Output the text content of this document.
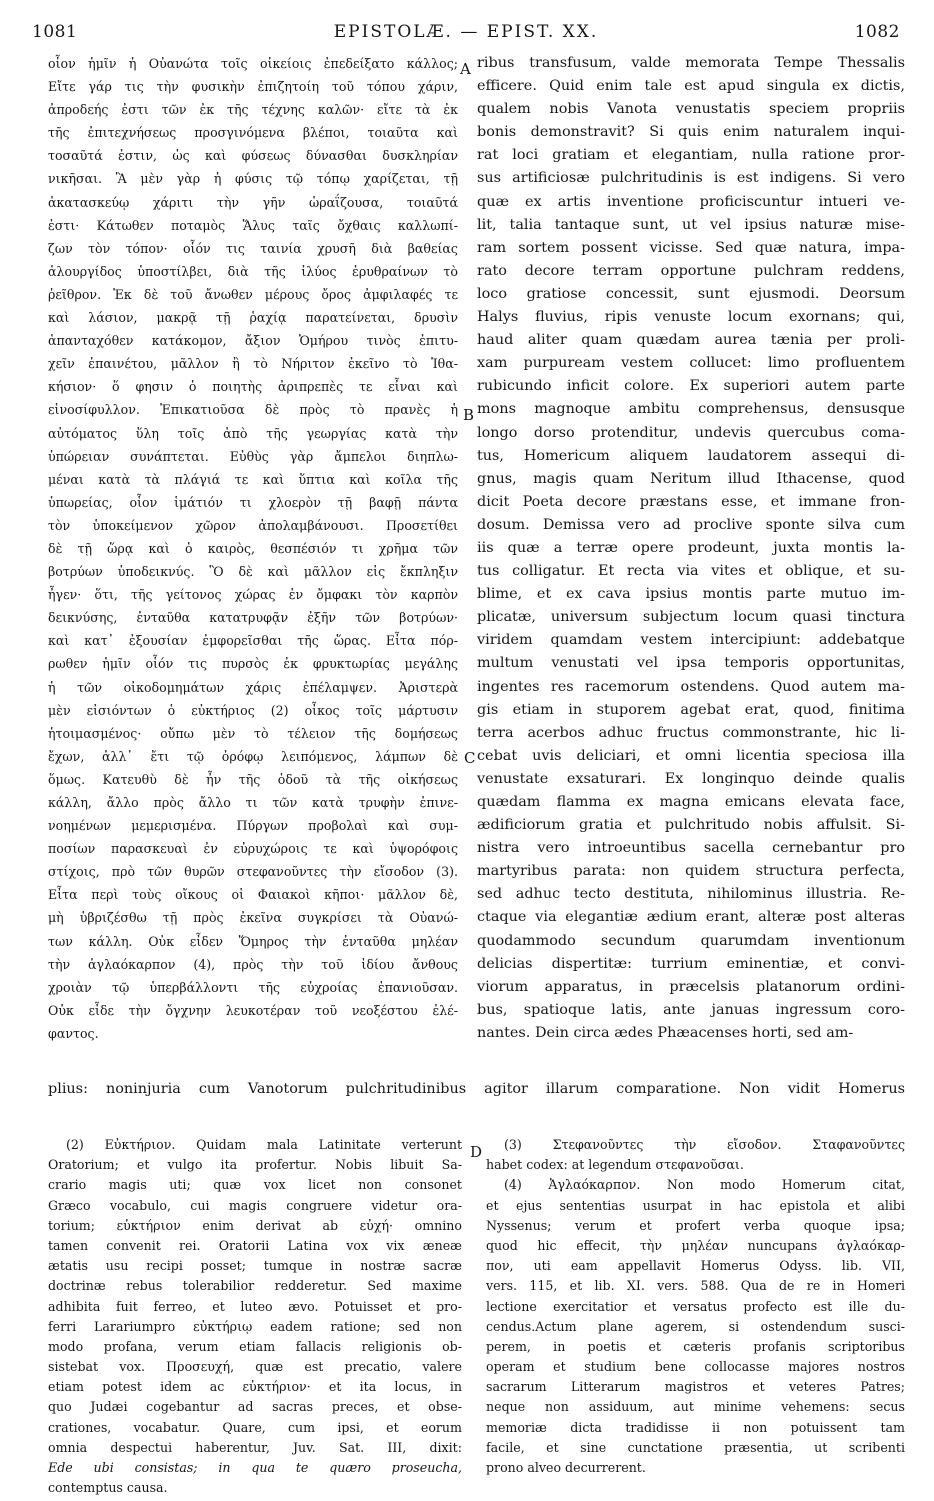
1081	EPISTOLÆ. — EPIST. XX.	1082
οἷον ἡμῖν ἡ Οὐανώτα τοῖς οἰκείοις ἐπεδείξατο κάλλος;
Εἴτε γάρ τις τὴν φυσικὴν ἐπιζητοίη τοῦ τόπου χάριν,
ἀπροδεής ἐστι τῶν ἐκ τῆς τέχνης καλῶν· εἴτε τὰ ἐκ
τῆς ἐπιτεχνήσεως προσγινόμενα βλέποι, τοιαῦτα καὶ
τοσαῦτά ἐστιν, ὡς καὶ φύσεως δύνασθαι δυσκληρίαν
νικῆσαι. Ἃ μὲν γὰρ ἡ φύσις τῷ τόπῳ χαρίζεται, τῇ
ἀκατασκεύῳ χάριτι τὴν γῆν ὡραΐζουσα, τοιαῦτά
ἐστι· Κάτωθεν ποταμὸς Ἅλυς ταῖς ὄχθαις καλλωπί-
ζων τὸν τόπον· οἷόν τις ταινία χρυσῆ διὰ βαθείας
ἁλουργίδος ὑποστίλβει, διὰ τῆς ἰλύος ἐρυθραίνων τὸ
ῥεῖθρον. Ἐκ δὲ τοῦ ἄνωθεν μέρους ὄρος ἀμφιλαφές τε
καὶ λάσιον, μακρᾷ τῇ ῥαχίᾳ παρατείνεται, δρυσὶν
ἁπανταχόθεν κατάκομον, ἄξιον Ὁμήρου τινὸς ἐπιτυ-
χεῖν ἐπαινέτου, μᾶλλον ἢ τὸ Νήριτον ἐκεῖνο τὸ Ἰθα-
κήσιον· ὅ φησιν ὁ ποιητὴς ἀριπρεπὲς τε εἶναι καὶ
εἰνοσίφυλλον. Ἐπικατιοῦσα δὲ πρὸς τὸ πρανὲς ἡ
αὐτόματος ὕλη τοῖς ἀπὸ τῆς γεωργίας κατὰ τὴν
ὑπώρειαν συνάπτεται. Εὐθὺς γὰρ ἄμπελοι διηπλω-
μέναι κατὰ τὰ πλάγιά τε καὶ ὕπτια καὶ κοῖλα τῆς
ὑπωρείας, οἷον ἱμάτιόν τι χλοερὸν τῇ βαφῇ πάντα
τὸν ὑποκείμενον χῶρον ἀπολαμβάνουσι. Προσετίθει
δὲ τῇ ὥρᾳ καὶ ὁ καιρὸς, θεσπέσιόν τι χρῆμα τῶν
βοτρύων ὑποδεικνύς. Ὃ δὲ καὶ μᾶλλον εἰς ἔκπληξιν
ἦγεν· ὅτι, τῆς γείτονος χώρας ἐν ὄμφακι τὸν καρπὸν
δεικνύσης, ἐνταῦθα κατατρυφᾷν ἐξῆν τῶν βοτρύων·
καὶ κατ᾽ ἐξουσίαν ἐμφορεῖσθαι τῆς ὥρας. Εἶτα πόρ-
ρωθεν ἡμῖν οἷόν τις πυρσὸς ἐκ φρυκτωρίας μεγάλης
ἡ τῶν οἰκοδομημάτων χάρις ἐπέλαμψεν. Ἀριστερὰ
μὲν εἰσιόντων ὁ εὐκτήριος (2) οἶκος τοῖς μάρτυσιν
ἡτοιμασμένος· οὔπω μὲν τὸ τέλειον τῆς δομήσεως
ἔχων, ἀλλ᾽ ἔτι τῷ ὀρόφῳ λειπόμενος, λάμπων δὲ
ὅμως. Κατευθὺ δὲ ἦν τῆς ὁδοῦ τὰ τῆς οἰκήσεως
κάλλη, ἄλλο πρὸς ἄλλο τι τῶν κατὰ τρυφὴν ἐπινε-
νοημένων μεμερισμένα. Πύργων προβολαὶ καὶ συμ-
ποσίων παρασκευαὶ ἐν εὐρυχώροις τε καὶ ὑψορόφοις
στίχοις, πρὸ τῶν θυρῶν στεφανοῦντες τὴν εἴσοδον (3).
Εἶτα περὶ τοὺς οἴκους οἱ Φαιακοὶ κῆποι· μᾶλλον δὲ,
μὴ ὑβριζέσθω τῇ πρὸς ἐκεῖνα συγκρίσει τὰ Οὐανώ-
των κάλλη. Οὐκ εἶδεν Ὅμηρος τὴν ἐνταῦθα μηλέαν
τὴν ἀγλαόκαρπον (4), πρὸς τὴν τοῦ ἰδίου ἄνθους
χροιὰν τῷ ὑπερβάλλοντι τῆς εὐχροίας ἐπανιοῦσαν.
Οὐκ εἶδε τὴν ὄγχνην λευκοτέραν τοῦ νεοξέστου ἐλέ-
φαντος.
ribus transfusum, valde memorata Tempe Thessalis
efficere. Quid enim tale est apud singula ex dictis,
qualem nobis Vanota venustatis speciem propriis
bonis demonstravit? Si quis enim naturalem inqui-
rat loci gratiam et elegantiam, nulla ratione pror-
sus artificiosæ pulchritudinis is est indigens. Si vero
quæ ex artis inventione proficiscuntur intueri ve-
lit, talia tantaque sunt, ut vel ipsius naturæ mise-
ram sortem possent vicisse. Sed quæ natura, impa-
rato decore terram opportune pulchram reddens,
loco gratiose concessit, sunt ejusmodi. Deorsum
Halys fluvius, ripis venuste locum exornans; qui,
haud aliter quam quædam aurea tænia per proli-
xam purpuream vestem collucet: limo profluentem
rubicundo inficit colore. Ex superiori autem parte
mons magnoque ambitu comprehensus, densusque
longo dorso protenditur, undevis quercubus coma-
tus, Homericum aliquem laudatorem assequi di-
gnus, magis quam Neritum illud Ithacense, quod
dicit Poeta decore præstans esse, et immane fron-
dosum. Demissa vero ad proclive sponte silva cum
iis quæ a terræ opere prodeunt, juxta montis la-
tus colligatur. Et recta via vites et oblique, et su-
blime, et ex cava ipsius montis parte mutuo im-
plicatæ, universum subjectum locum quasi tinctura
viridem quamdam vestem intercipiunt: addebatque
multum venustati vel ipsa temporis opportunitas,
ingentes res racemorum ostendens. Quod autem ma-
gis etiam in stuporem agebat erat, quod, finitima
terra acerbos adhuc fructus commonstrante, hic li-
cebat uvis deliciari, et omni licentia speciosa illa
venustate exsaturari. Ex longinquo deinde qualis
quædam flamma ex magna emicans elevata face,
ædificiorum gratia et pulchritudo nobis affulsit. Si-
nistra vero introeuntibus sacella cernebantur pro
martyribus parata: non quidem structura perfecta,
sed adhuc tecto destituta, nihilominus illustria. Re-
ctaque via elegantiæ ædium erant, alteræ post alteras
quodammodo secundum quarumdam inventionum
delicias dispertitæ: turrium eminentiæ, et convi-
viorum apparatus, in præcelsis platanorum ordini-
bus, spatioque latis, ante januas ingressum coro-
nantes. Dein circa ædes Phæacenses horti, sed am-
A
B
C
D
plius: noninjuria cum Vanotorum pulchritudinibus agitor illarum comparatione. Non vidit Homerus
(2) Εὐκτήριον. Quidam mala Latinitate verterunt
Oratorium; et vulgo ita profertur. Nobis libuit Sa-
crario magis uti; quæ vox licet non consonet
Græco vocabulo, cui magis congruere videtur ora-
torium; εὐκτήριον enim derivat ab εὐχή· omnino
tamen convenit rei. Oratorii Latina vox vix æneæ
ætatis usu recipi posset; tumque in nostræ sacræ
doctrinæ rebus tolerabilior redderetur. Sed maxime
adhibita fuit ferreo, et luteo ævo. Potuisset et pro-
ferri Larariumpro εὐκτήριῳ eadem ratione; sed non
modo profana, verum etiam fallacis religionis ob-
sistebat vox. Προσευχή, quæ est precatio, valere
etiam potest idem ac εὐκτήριον· et ita locus, in
quo Judæi cogebantur ad sacras preces, et obse-
crationes, vocabatur. Quare, cum ipsi, et eorum
omnia despectui haberentur, Juv. Sat. III, dixit:
Ede ubi consistas; in qua te quæro proseucha,
contemptus causa.
(3) Στεφανοῦντες τὴν εἴσοδον. Σταφανοῦντες
habet codex: at legendum στεφανοῦσαι.
(4) Ἀγλαόκαρπον. Non modo Homerum citat,
et ejus sententias usurpat in hac epistola et alibi
Nyssenus; verum et profert verba quoque ipsa;
quod hic effecit, τὴν μηλέαν nuncupans ἀγλαόκαρ-
πον, uti eam appellavit Homerus Odyss. lib. VII,
vers. 115, et lib. XI. vers. 588. Qua de re in Homeri
lectione exercitatior et versatus profecto est ille du-
cendus.Actum plane agerem, si ostendendum susci-
perem, in poetis et cæteris profanis scriptoribus
operam et studium bene collocasse majores nostros
sacrarum Litterarum magistros et veteres Patres;
neque non assiduum, aut minime vehemens: secus
memoriæ dicta tradidisse ii non potuissent tam
facile, et sine cunctatione præsentia, ut scribenti
prono alveo decurrerent.
